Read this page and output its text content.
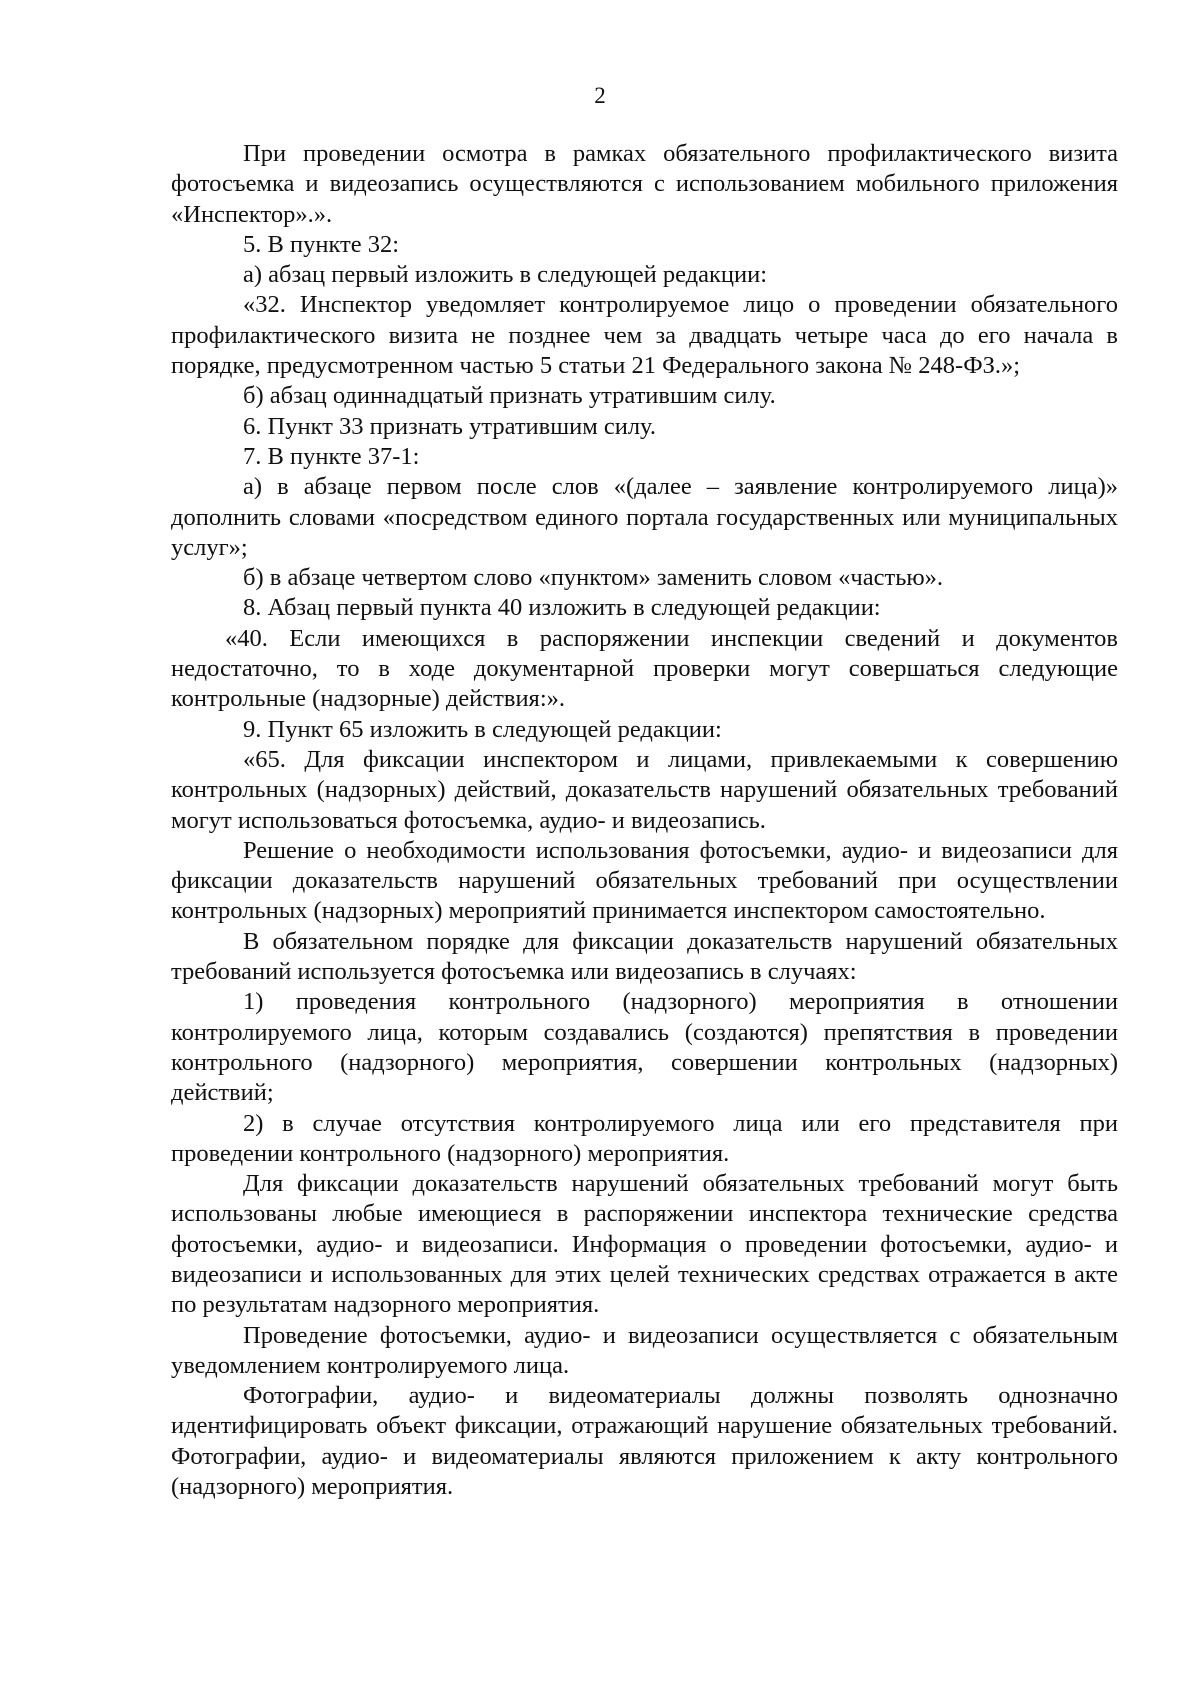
2

При проведении осмотра в рамках обязательного профилактического визита фотосъемка и видеозапись осуществляются с использованием мобильного приложения «Инспектор».».

5. В пункте 32:

а) абзац первый изложить в следующей редакции:

«32. Инспектор уведомляет контролируемое лицо о проведении обязательного профилактического визита не позднее чем за двадцать четыре часа до его начала в порядке, предусмотренном частью 5 статьи 21 Федерального закона № 248-ФЗ.»;

б) абзац одиннадцатый признать утратившим силу.

6. Пункт 33 признать утратившим силу.

7. В пункте 37-1:

а) в абзаце первом после слов «(далее – заявление контролируемого лица)» дополнить словами «посредством единого портала государственных или муниципальных услуг»;

б) в абзаце четвертом слово «пунктом» заменить словом «частью».

8. Абзац первый пункта 40 изложить в следующей редакции:

«40. Если имеющихся в распоряжении инспекции сведений и документов недостаточно, то в ходе документарной проверки могут совершаться следующие контрольные (надзорные) действия:».

9. Пункт 65 изложить в следующей редакции:

«65. Для фиксации инспектором и лицами, привлекаемыми к совершению контрольных (надзорных) действий, доказательств нарушений обязательных требований могут использоваться фотосъемка, аудио- и видеозапись.

Решение о необходимости использования фотосъемки, аудио- и видеозаписи для фиксации доказательств нарушений обязательных требований при осуществлении контрольных (надзорных) мероприятий принимается инспектором самостоятельно.

В обязательном порядке для фиксации доказательств нарушений обязательных требований используется фотосъемка или видеозапись в случаях:

1) проведения контрольного (надзорного) мероприятия в отношении контролируемого лица, которым создавались (создаются) препятствия в проведении контрольного (надзорного) мероприятия, совершении контрольных (надзорных) действий;

2) в случае отсутствия контролируемого лица или его представителя при проведении контрольного (надзорного) мероприятия.

Для фиксации доказательств нарушений обязательных требований могут быть использованы любые имеющиеся в распоряжении инспектора технические средства фотосъемки, аудио- и видеозаписи. Информация о проведении фотосъемки, аудио- и видеозаписи и использованных для этих целей технических средствах отражается в акте по результатам надзорного мероприятия.

Проведение фотосъемки, аудио- и видеозаписи осуществляется с обязательным уведомлением контролируемого лица.

Фотографии, аудио- и видеоматериалы должны позволять однозначно идентифицировать объект фиксации, отражающий нарушение обязательных требований. Фотографии, аудио- и видеоматериалы являются приложением к акту контрольного (надзорного) мероприятия.
